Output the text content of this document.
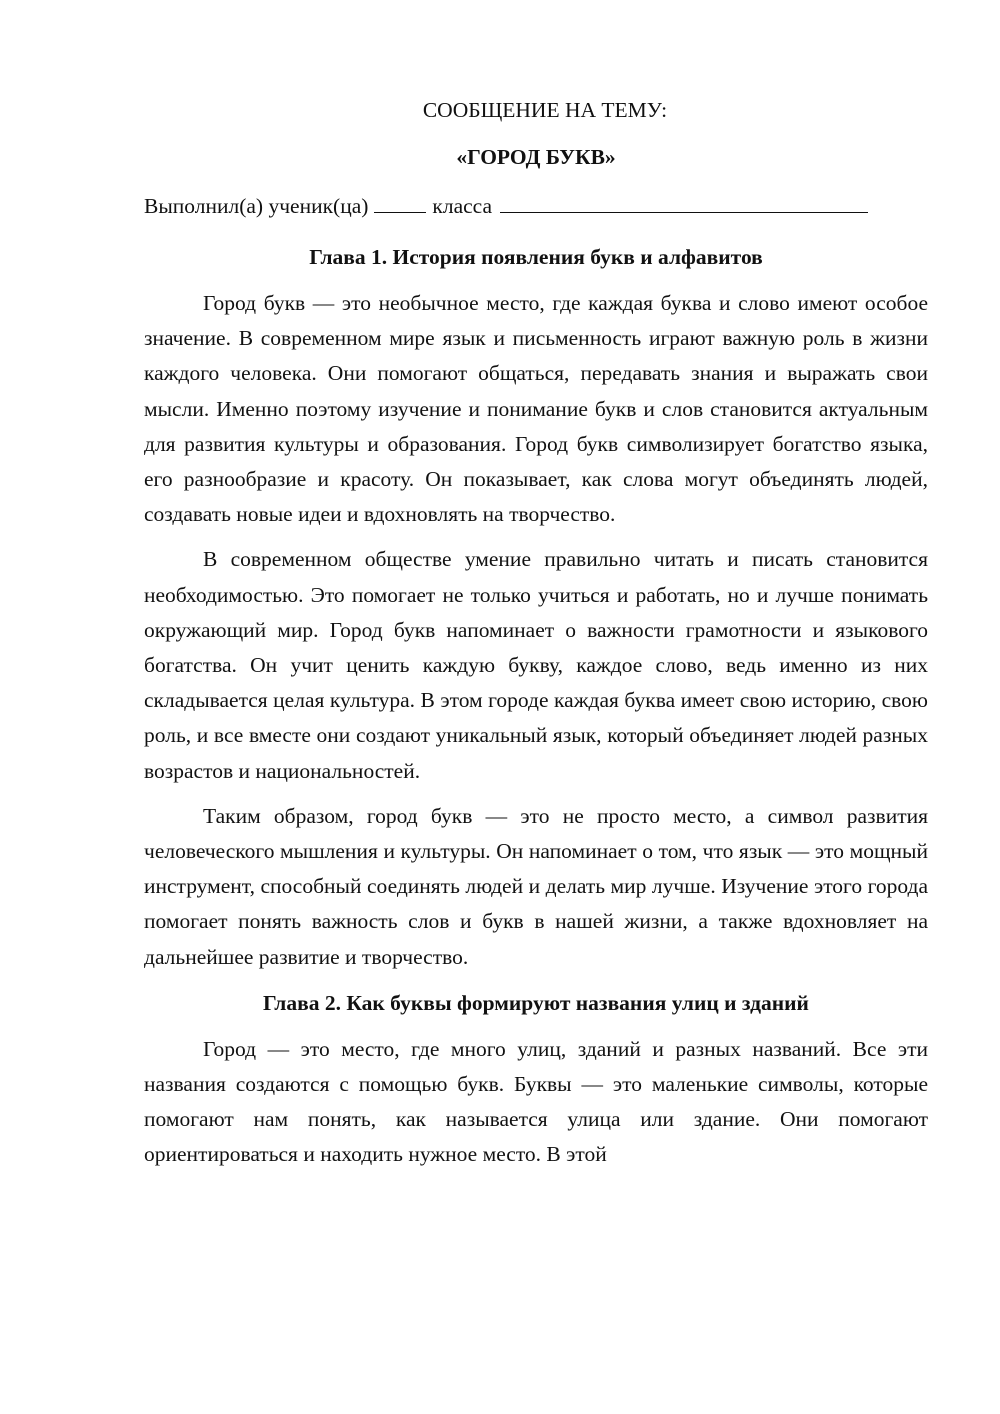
СООБЩЕНИЕ НА ТЕМУ:
«ГОРОД БУКВ»
Выполнил(а) ученик(ца)	класса
Глава 1. История появления букв и алфавитов

Город букв — это необычное место, где каждая буква и слово имеют особое значение. В современном мире язык и письменность играют важную роль в жизни каждого человека. Они помогают общаться, передавать знания и выражать свои мысли. Именно поэтому изучение и понимание букв и слов становится актуальным для развития культуры и образования. Город букв символизирует богатство языка, его разнообразие и красоту. Он показывает, как слова могут объединять людей, создавать новые идеи и вдохновлять на творчество.

В современном обществе умение правильно читать и писать становится необходимостью. Это помогает не только учиться и работать, но и лучше понимать окружающий мир. Город букв напоминает о важности грамотности и языкового богатства. Он учит ценить каждую букву, каждое слово, ведь именно из них складывается целая культура. В этом городе каждая буква имеет свою историю, свою роль, и все вместе они создают уникальный язык, который объединяет людей разных возрастов и национальностей.

Таким образом, город букв — это не просто место, а символ развития человеческого мышления и культуры. Он напоминает о том, что язык — это мощный инструмент, способный соединять людей и делать мир лучше. Изучение этого города помогает понять важность слов и букв в нашей жизни, а также вдохновляет на дальнейшее развитие и творчество.

Глава 2. Как буквы формируют названия улиц и зданий

Город — это место, где много улиц, зданий и разных названий. Все эти названия создаются с помощью букв. Буквы — это маленькие символы, которые помогают нам понять, как называется улица или здание. Они помогают ориентироваться и находить нужное место. В этой
